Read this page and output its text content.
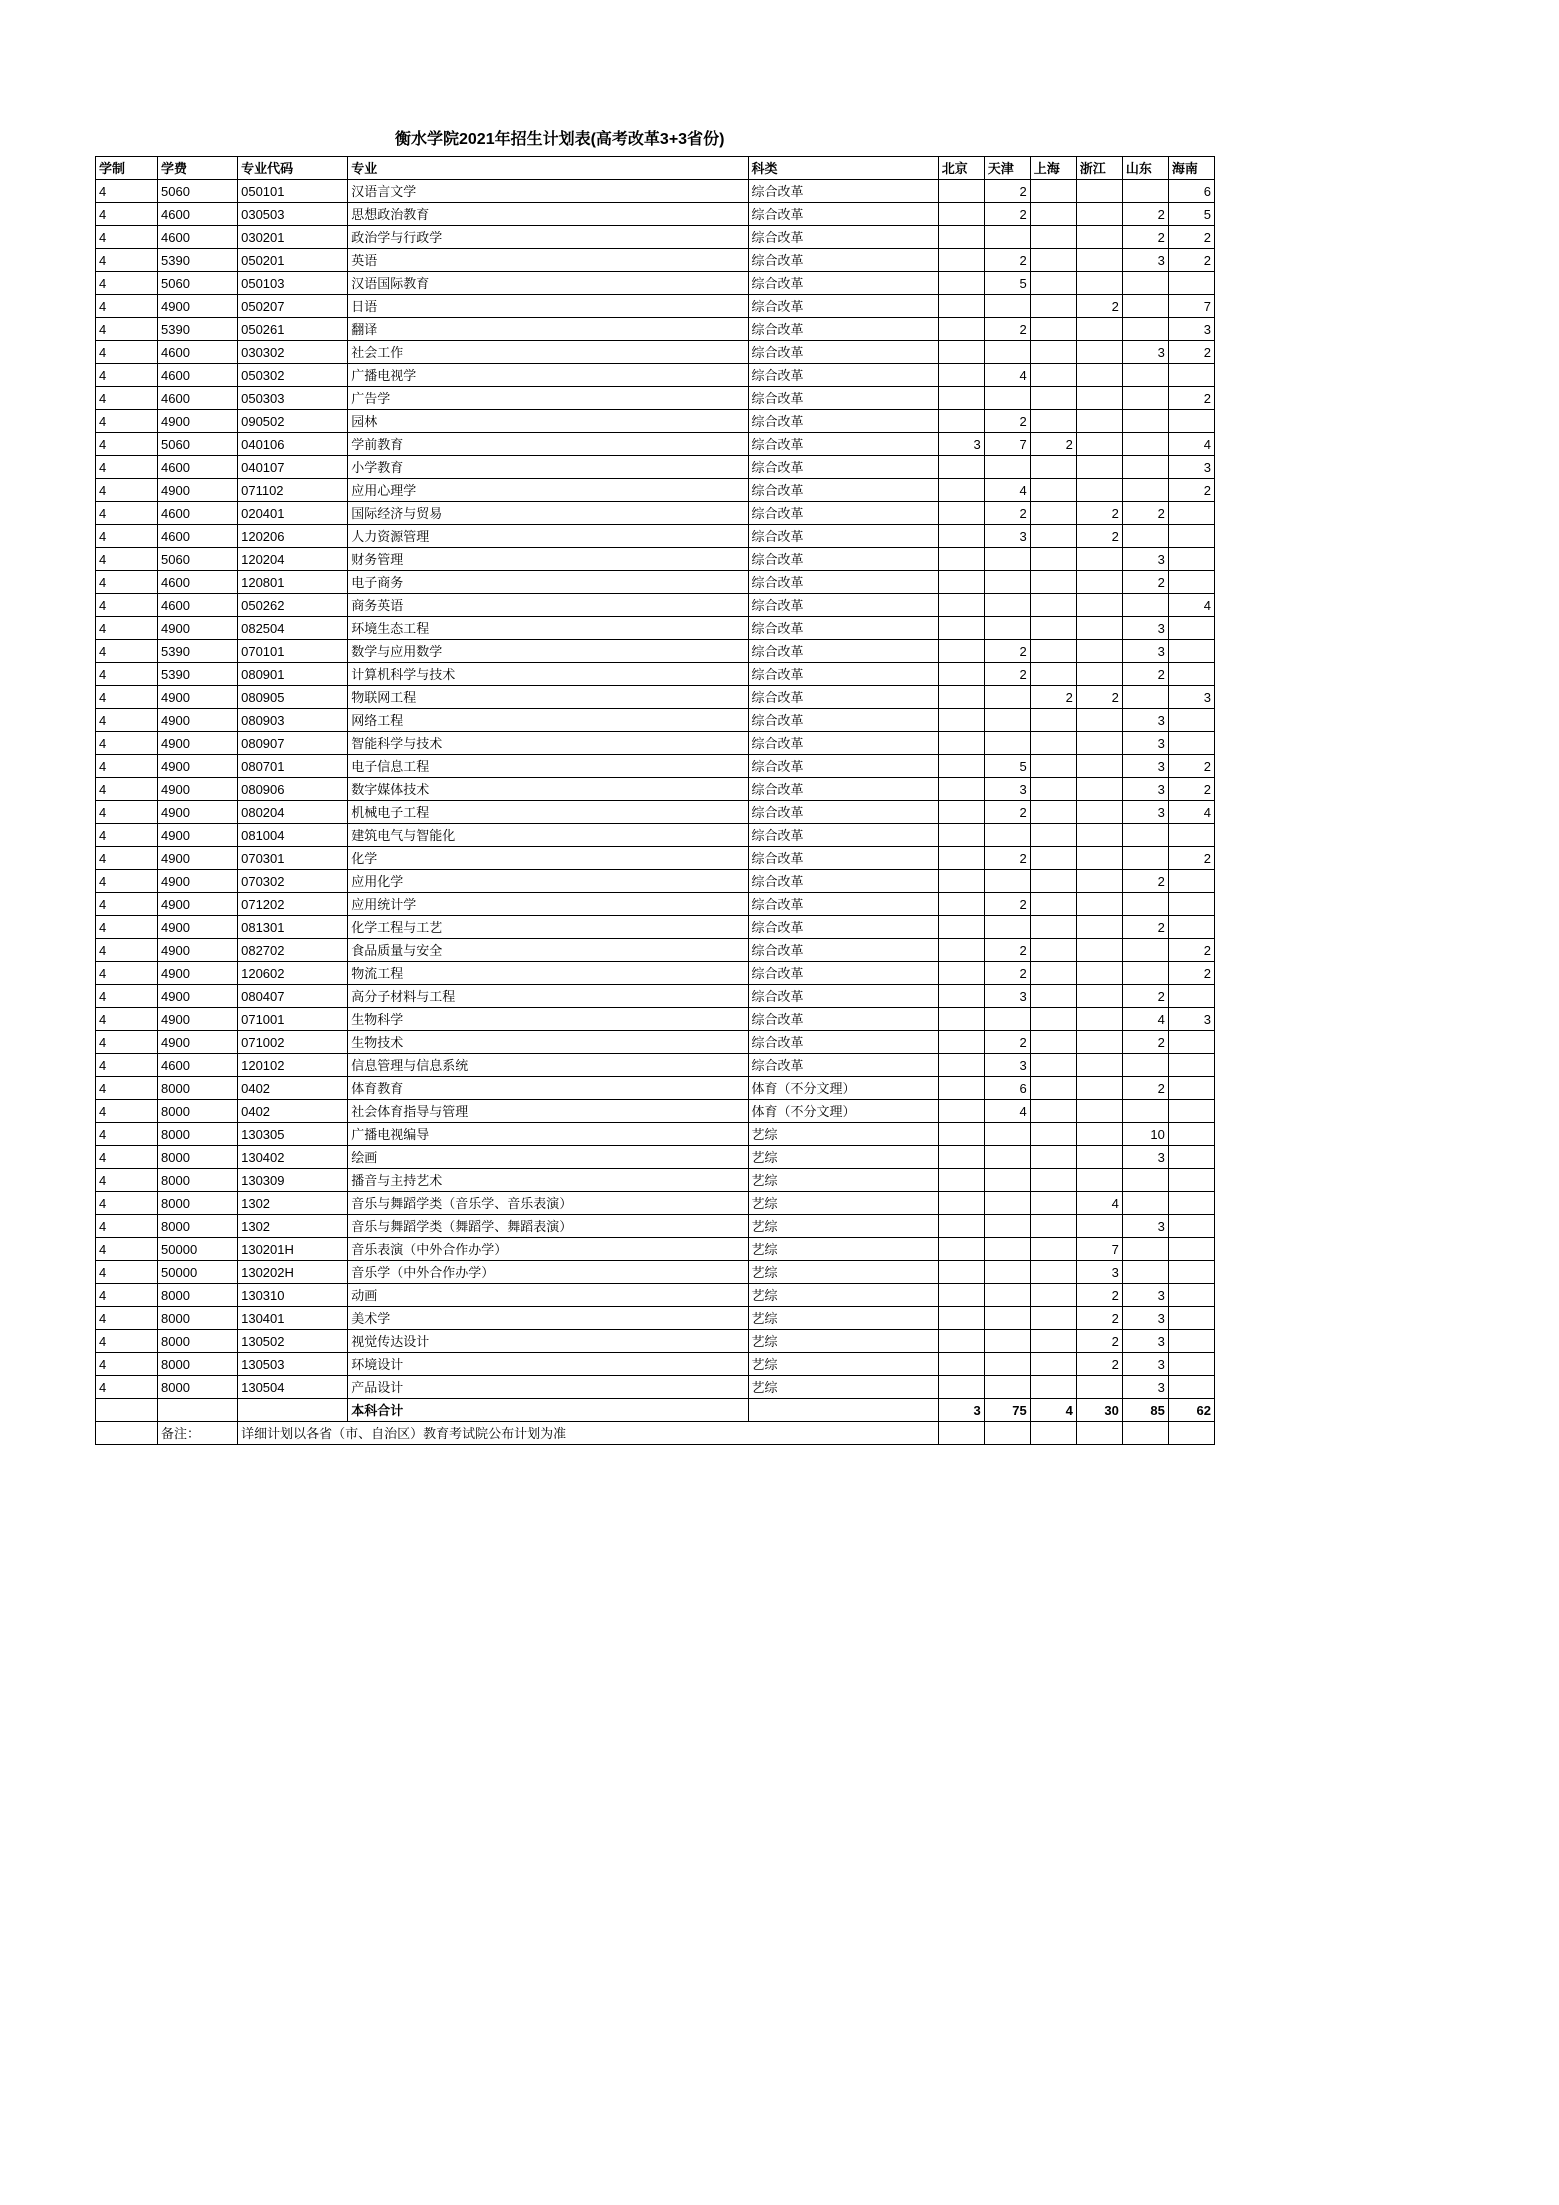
衡水学院2021年招生计划表(高考改革3+3省份)
学制	学费	专业代码	专业	科类	北京	天津	上海	浙江	山东	海南
4	5060	050101	汉语言文学	综合改革		2				6
4	4600	030503	思想政治教育	综合改革		2			2	5
4	4600	030201	政治学与行政学	综合改革					2	2
4	5390	050201	英语	综合改革		2			3	2
4	5060	050103	汉语国际教育	综合改革		5				
4	4900	050207	日语	综合改革				2		7
4	5390	050261	翻译	综合改革		2				3
4	4600	030302	社会工作	综合改革					3	2
4	4600	050302	广播电视学	综合改革		4				
4	4600	050303	广告学	综合改革						2
4	4900	090502	园林	综合改革		2				
4	5060	040106	学前教育	综合改革	3	7	2			4
4	4600	040107	小学教育	综合改革						3
4	4900	071102	应用心理学	综合改革		4				2
4	4600	020401	国际经济与贸易	综合改革		2		2	2	
4	4600	120206	人力资源管理	综合改革		3		2		
4	5060	120204	财务管理	综合改革					3	
4	4600	120801	电子商务	综合改革					2	
4	4600	050262	商务英语	综合改革						4
4	4900	082504	环境生态工程	综合改革					3	
4	5390	070101	数学与应用数学	综合改革		2			3	
4	5390	080901	计算机科学与技术	综合改革		2			2	
4	4900	080905	物联网工程	综合改革			2	2		3
4	4900	080903	网络工程	综合改革					3	
4	4900	080907	智能科学与技术	综合改革					3	
4	4900	080701	电子信息工程	综合改革		5			3	2
4	4900	080906	数字媒体技术	综合改革		3			3	2
4	4900	080204	机械电子工程	综合改革		2			3	4
4	4900	081004	建筑电气与智能化	综合改革						
4	4900	070301	化学	综合改革		2				2
4	4900	070302	应用化学	综合改革					2	
4	4900	071202	应用统计学	综合改革		2				
4	4900	081301	化学工程与工艺	综合改革					2	
4	4900	082702	食品质量与安全	综合改革		2				2
4	4900	120602	物流工程	综合改革		2				2
4	4900	080407	高分子材料与工程	综合改革		3			2	
4	4900	071001	生物科学	综合改革					4	3
4	4900	071002	生物技术	综合改革		2			2	
4	4600	120102	信息管理与信息系统	综合改革		3				
4	8000	0402	体育教育	体育（不分文理）		6			2	
4	8000	0402	社会体育指导与管理	体育（不分文理）		4				
4	8000	130305	广播电视编导	艺综					10	
4	8000	130402	绘画	艺综					3	
4	8000	130309	播音与主持艺术	艺综						
4	8000	1302	音乐与舞蹈学类（音乐学、音乐表演）	艺综				4		
4	8000	1302	音乐与舞蹈学类（舞蹈学、舞蹈表演）	艺综					3	
4	50000	130201H	音乐表演（中外合作办学）	艺综				7		
4	50000	130202H	音乐学（中外合作办学）	艺综				3		
4	8000	130310	动画	艺综				2	3	
4	8000	130401	美术学	艺综				2	3	
4	8000	130502	视觉传达设计	艺综				2	3	
4	8000	130503	环境设计	艺综				2	3	
4	8000	130504	产品设计	艺综					3	
			本科合计		3	75	4	30	85	62
	备注：	详细计划以各省（市、自治区）教育考试院公布计划为准								
